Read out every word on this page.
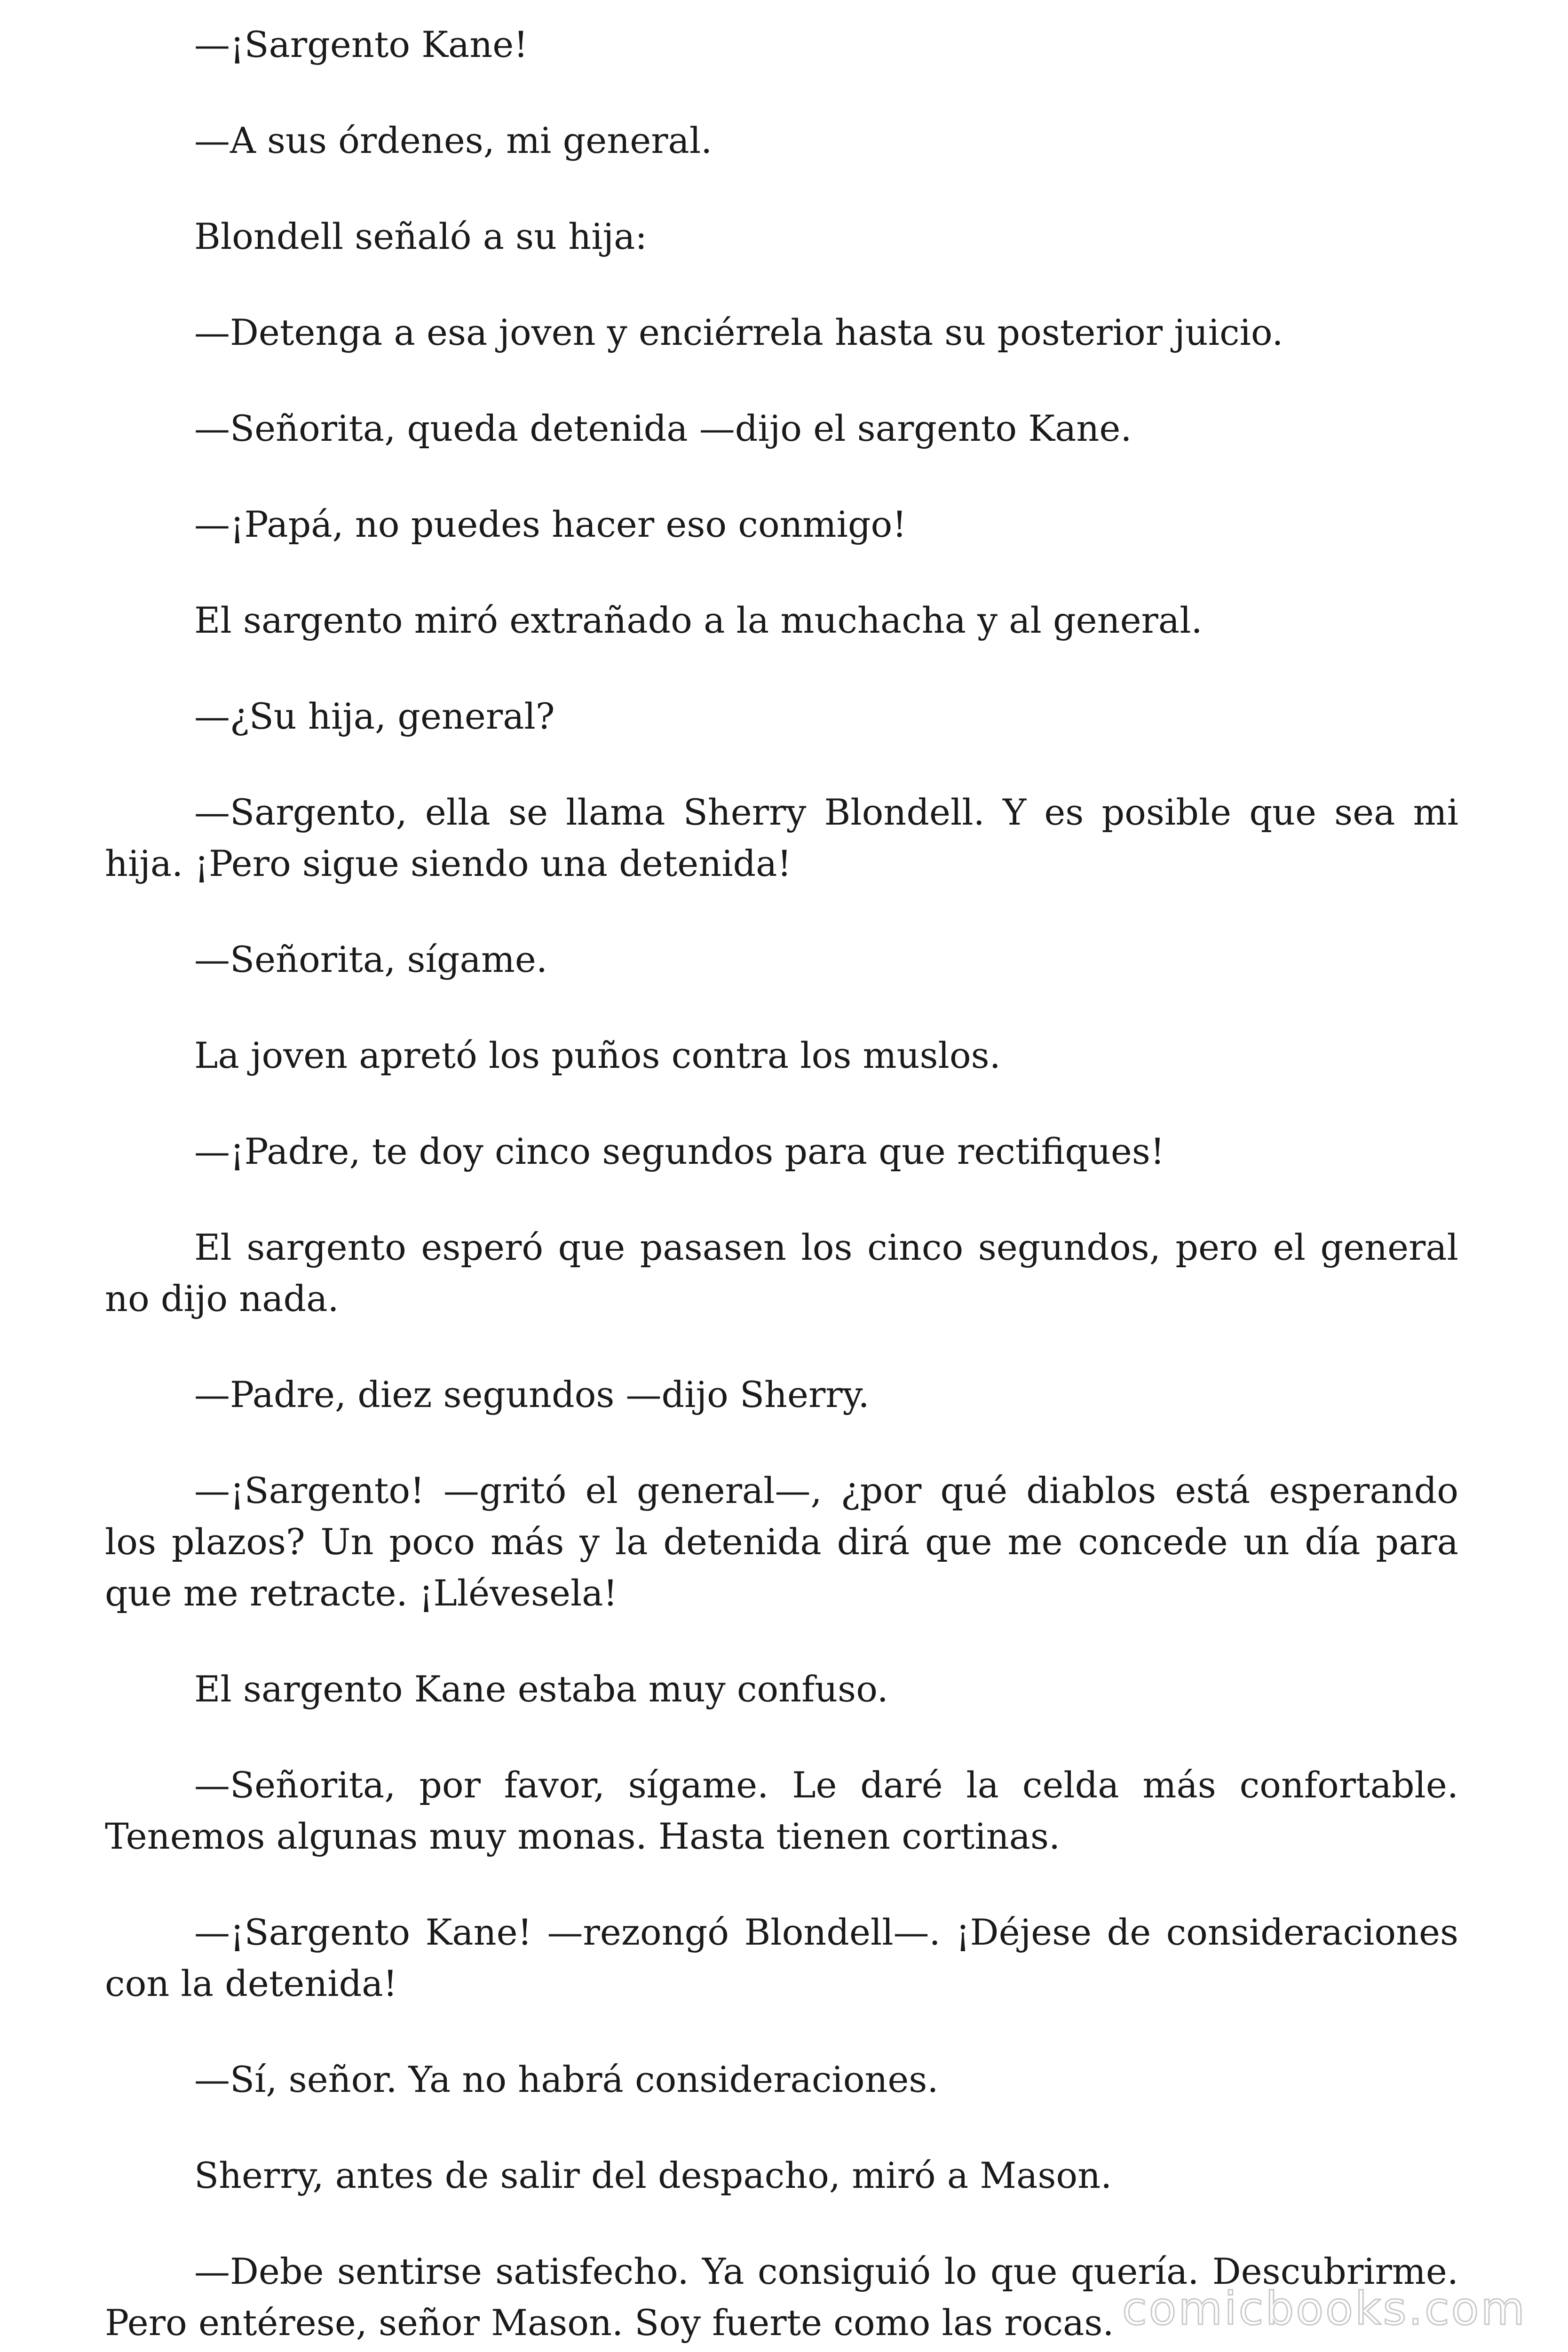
—¡Sargento Kane!

—A sus órdenes, mi general.

Blondell señaló a su hija:

—Detenga a esa joven y enciérrela hasta su posterior juicio.

—Señorita, queda detenida —dijo el sargento Kane.

—¡Papá, no puedes hacer eso conmigo!

El sargento miró extrañado a la muchacha y al general.

—¿Su hija, general?

—Sargento, ella se llama Sherry Blondell. Y es posible que sea mi hija. ¡Pero sigue siendo una detenida!

—Señorita, sígame.

La joven apretó los puños contra los muslos.

—¡Padre, te doy cinco segundos para que rectifiques!

El sargento esperó que pasasen los cinco segundos, pero el general no dijo nada.

—Padre, diez segundos —dijo Sherry.

—¡Sargento! —gritó el general—, ¿por qué diablos está esperando los plazos? Un poco más y la detenida dirá que me concede un día para que me retracte. ¡Llévesela!

El sargento Kane estaba muy confuso.

—Señorita, por favor, sígame. Le daré la celda más confortable. Tenemos algunas muy monas. Hasta tienen cortinas.

—¡Sargento Kane! —rezongó Blondell—. ¡Déjese de consideraciones con la detenida!

—Sí, señor. Ya no habrá consideraciones.

Sherry, antes de salir del despacho, miró a Mason.

—Debe sentirse satisfecho. Ya consiguió lo que quería. Descubrirme. Pero entérese, señor Mason. Soy fuerte como las rocas. comicbooks.com
